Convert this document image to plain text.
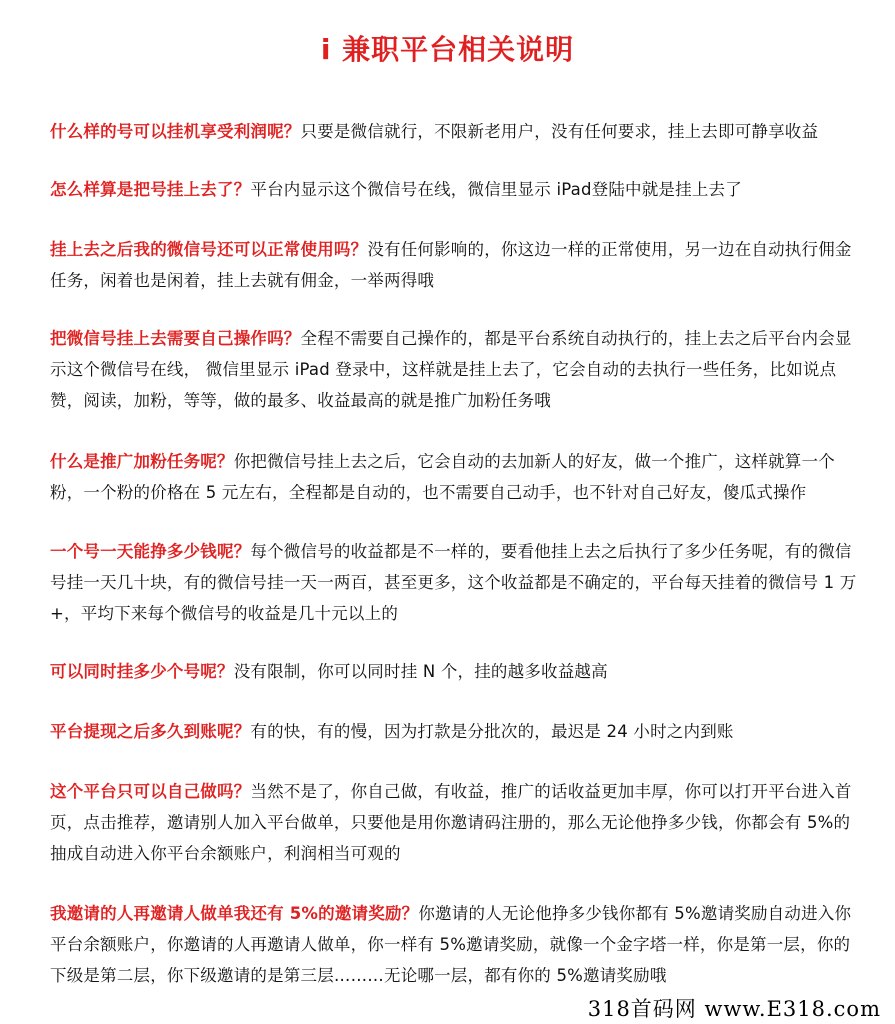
i 兼职平台相关说明
什么样的号可以挂机享受利润呢？只要是微信就行，不限新老用户，没有任何要求，挂上去即可静享收益
怎么样算是把号挂上去了？平台内显示这个微信号在线，微信里显示 iPad登陆中就是挂上去了
挂上去之后我的微信号还可以正常使用吗？没有任何影响的，你这边一样的正常使用，另一边在自动执行佣金任务，闲着也是闲着，挂上去就有佣金，一举两得哦
把微信号挂上去需要自己操作吗？全程不需要自己操作的，都是平台系统自动执行的，挂上去之后平台内会显示这个微信号在线， 微信里显示 iPad 登录中，这样就是挂上去了，它会自动的去执行一些任务，比如说点赞，阅读，加粉，等等，做的最多、收益最高的就是推广加粉任务哦
什么是推广加粉任务呢？你把微信号挂上去之后，它会自动的去加新人的好友，做一个推广，这样就算一个粉，一个粉的价格在 5 元左右，全程都是自动的，也不需要自己动手，也不针对自己好友，傻瓜式操作
一个号一天能挣多少钱呢？每个微信号的收益都是不一样的，要看他挂上去之后执行了多少任务呢，有的微信号挂一天几十块，有的微信号挂一天一两百，甚至更多，这个收益都是不确定的，平台每天挂着的微信号 1 万+，平均下来每个微信号的收益是几十元以上的
可以同时挂多少个号呢？没有限制，你可以同时挂 N 个，挂的越多收益越高
平台提现之后多久到账呢？有的快，有的慢，因为打款是分批次的，最迟是 24 小时之内到账
这个平台只可以自己做吗？当然不是了，你自己做，有收益，推广的话收益更加丰厚，你可以打开平台进入首页，点击推荐，邀请别人加入平台做单，只要他是用你邀请码注册的，那么无论他挣多少钱，你都会有 5%的抽成自动进入你平台余额账户，利润相当可观的
我邀请的人再邀请人做单我还有 5%的邀请奖励？你邀请的人无论他挣多少钱你都有 5%邀请奖励自动进入你平台余额账户，你邀请的人再邀请人做单，你一样有 5%邀请奖励，就像一个金字塔一样，你是第一层，你的下级是第二层，你下级邀请的是第三层………无论哪一层，都有你的 5%邀请奖励哦
318首码网 www.E318.com
